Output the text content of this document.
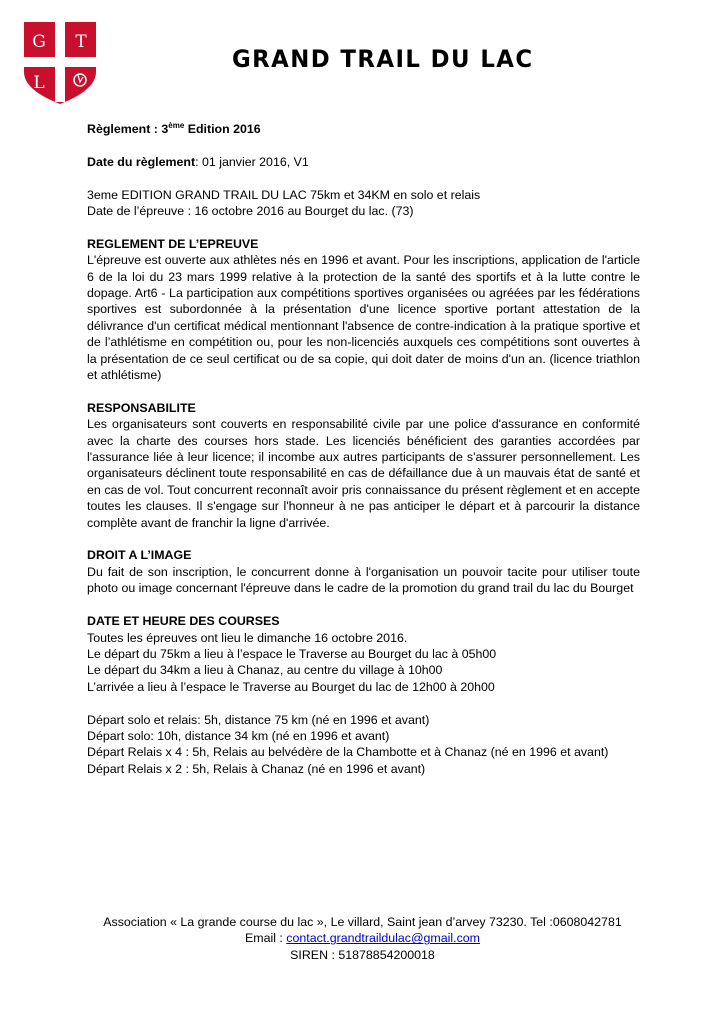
G T
L
GRAND TRAIL DU LAC
Règlement : 3ème Edition 2016
Date du règlement: 01 janvier 2016, V1
3eme EDITION GRAND TRAIL DU LAC 75km et 34KM en solo et relais
Date de l’épreuve : 16 octobre 2016 au Bourget du lac. (73)
REGLEMENT DE L’EPREUVE
L'épreuve est ouverte aux athlètes nés en 1996 et avant. Pour les inscriptions, application de l'article 6 de la loi du 23 mars 1999 relative à la protection de la santé des sportifs et à la lutte contre le dopage. Art6 - La participation aux compétitions sportives organisées ou agréées par les fédérations sportives est subordonnée à la présentation d'une licence sportive portant attestation de la délivrance d'un certificat médical mentionnant l'absence de contre-indication à la pratique sportive et de l’athlétisme en compétition ou, pour les non-licenciés auxquels ces compétitions sont ouvertes à la présentation de ce seul certificat ou de sa copie, qui doit dater de moins d'un an. (licence triathlon et athlétisme)
RESPONSABILITE
Les organisateurs sont couverts en responsabilité civile par une police d'assurance en conformité avec la charte des courses hors stade. Les licenciés bénéficient des garanties accordées par l'assurance liée à leur licence; il incombe aux autres participants de s'assurer personnellement. Les organisateurs déclinent toute responsabilité en cas de défaillance due à un mauvais état de santé et en cas de vol. Tout concurrent reconnaît avoir pris connaissance du présent règlement et en accepte toutes les clauses. Il s'engage sur l'honneur à ne pas anticiper le départ et à parcourir la distance complète avant de franchir la ligne d'arrivée.
DROIT A L’IMAGE
Du fait de son inscription, le concurrent donne à l'organisation un pouvoir tacite pour utiliser toute photo ou image concernant l'épreuve dans le cadre de la promotion du grand trail du lac du Bourget
DATE ET HEURE DES COURSES
Toutes les épreuves ont lieu le dimanche 16 octobre 2016.
Le départ du 75km a lieu à l’espace le Traverse au Bourget du lac à 05h00
Le départ du 34km a lieu à Chanaz, au centre du village à 10h00
L’arrivée a lieu à l’espace le Traverse au Bourget du lac de 12h00 à 20h00
Départ solo et relais: 5h, distance 75 km (né en 1996 et avant)
Départ solo: 10h, distance 34 km (né en 1996 et avant)
Départ Relais x 4 : 5h, Relais au belvédère de la Chambotte et à Chanaz (né en 1996 et avant)
Départ Relais x 2 : 5h, Relais à Chanaz (né en 1996 et avant)
Association « La grande course du lac », Le villard, Saint jean d’arvey 73230. Tel :0608042781
Email : contact.grandtraildulac@gmail.com
SIREN : 51878854200018
